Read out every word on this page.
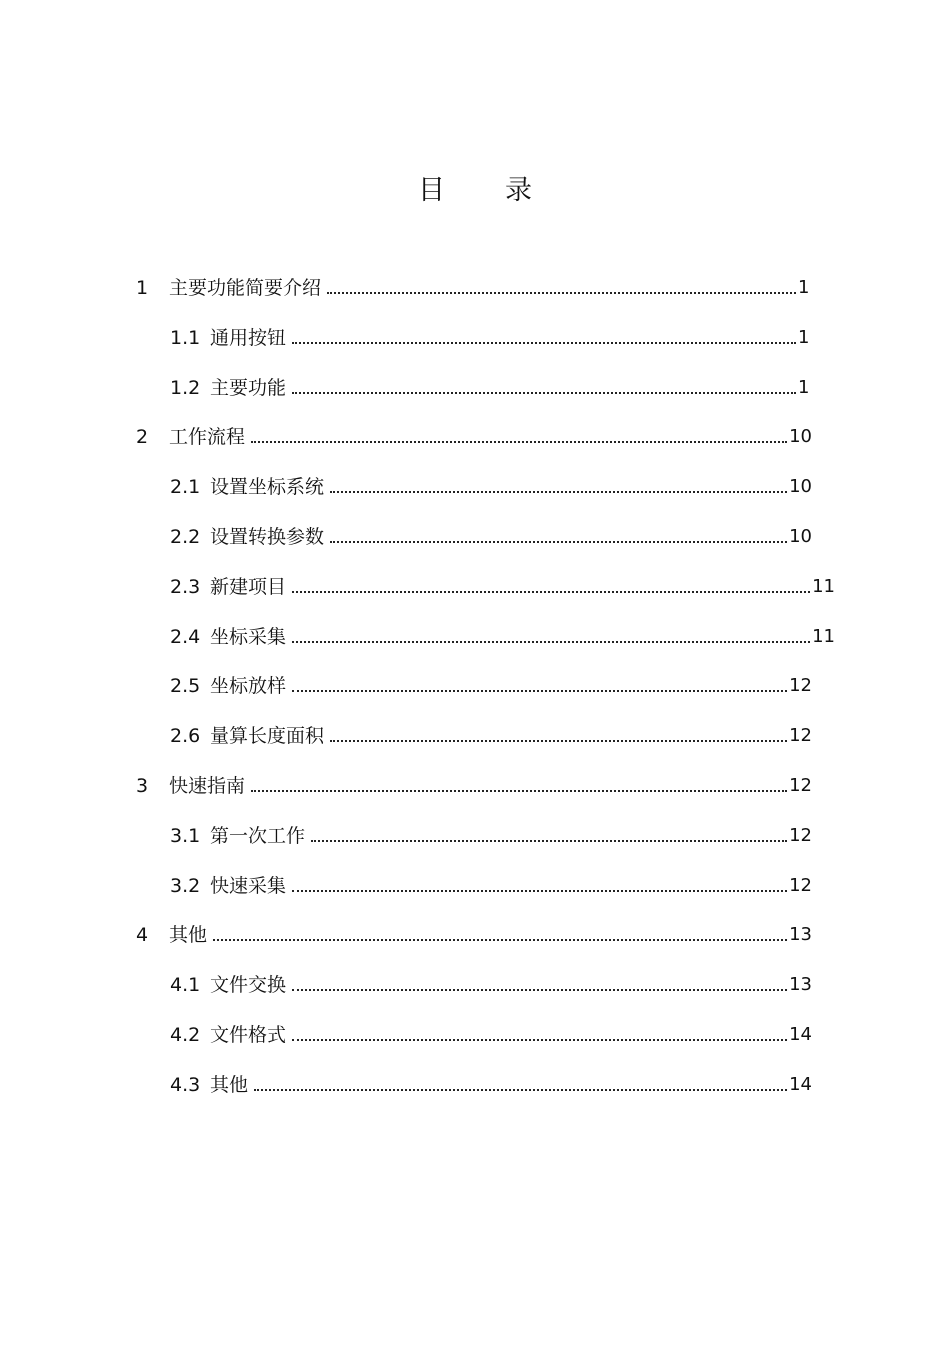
目 录
1	主要功能简要介绍	1
1.1 通用按钮	1
1.2 主要功能	1
2	工作流程	10
2.1 设置坐标系统	10
2.2 设置转换参数	10
2.3 新建项目	11
2.4 坐标采集	11
2.5 坐标放样	12
2.6 量算长度面积	12
3	快速指南	12
3.1 第一次工作	12
3.2 快速采集	12
4	其他	13
4.1 文件交换	13
4.2 文件格式	14
4.3 其他	14
